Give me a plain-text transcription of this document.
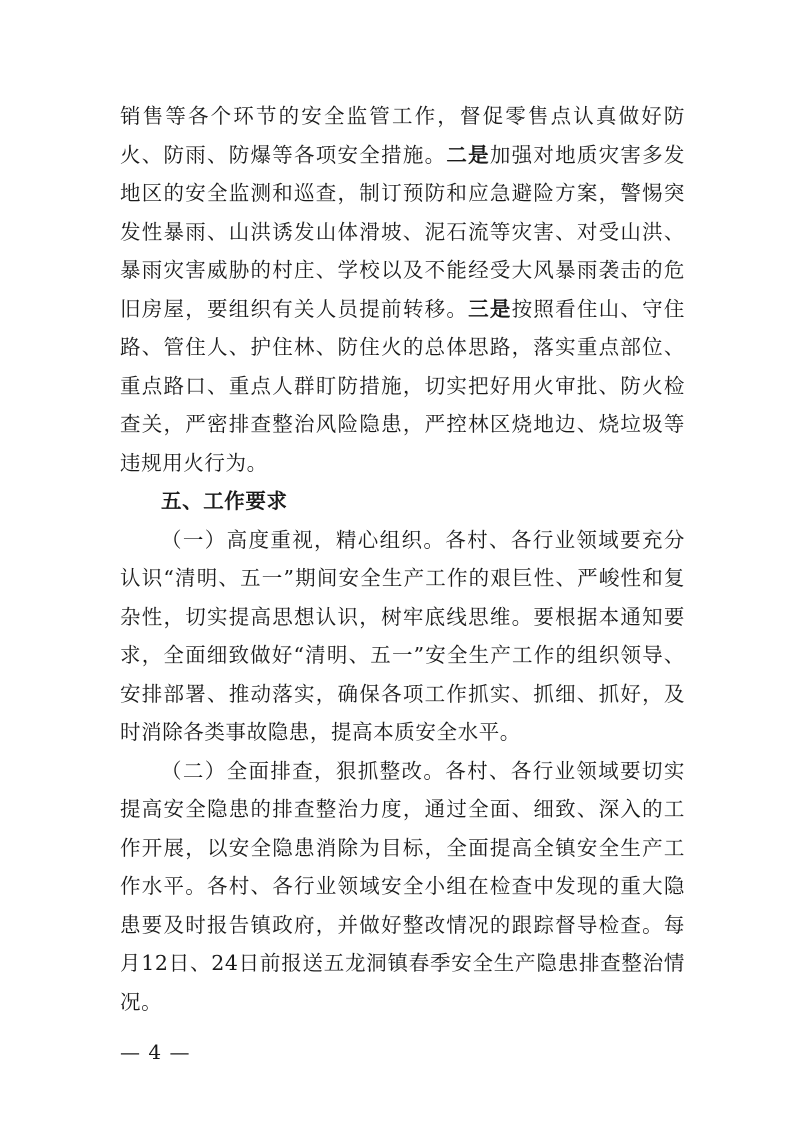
销售等各个环节的安全监管工作，督促零售点认真做好防火、防雨、防爆等各项安全措施。二是加强对地质灾害多发地区的安全监测和巡查，制订预防和应急避险方案，警惕突发性暴雨、山洪诱发山体滑坡、泥石流等灾害、对受山洪、暴雨灾害威胁的村庄、学校以及不能经受大风暴雨袭击的危旧房屋，要组织有关人员提前转移。三是按照看住山、守住路、管住人、护住林、防住火的总体思路，落实重点部位、重点路口、重点人群盯防措施，切实把好用火审批、防火检查关，严密排查整治风险隐患，严控林区烧地边、烧垃圾等违规用火行为。

五、工作要求

（一）高度重视，精心组织。各村、各行业领域要充分认识“清明、五一”期间安全生产工作的艰巨性、严峻性和复杂性，切实提高思想认识，树牢底线思维。要根据本通知要求，全面细致做好“清明、五一”安全生产工作的组织领导、安排部署、推动落实，确保各项工作抓实、抓细、抓好，及时消除各类事故隐患，提高本质安全水平。

（二）全面排查，狠抓整改。各村、各行业领域要切实提高安全隐患的排查整治力度，通过全面、细致、深入的工作开展，以安全隐患消除为目标，全面提高全镇安全生产工作水平。各村、各行业领域安全小组在检查中发现的重大隐患要及时报告镇政府，并做好整改情况的跟踪督导检查。每月12日、24日前报送五龙洞镇春季安全生产隐患排查整治情况。

— 4 —
